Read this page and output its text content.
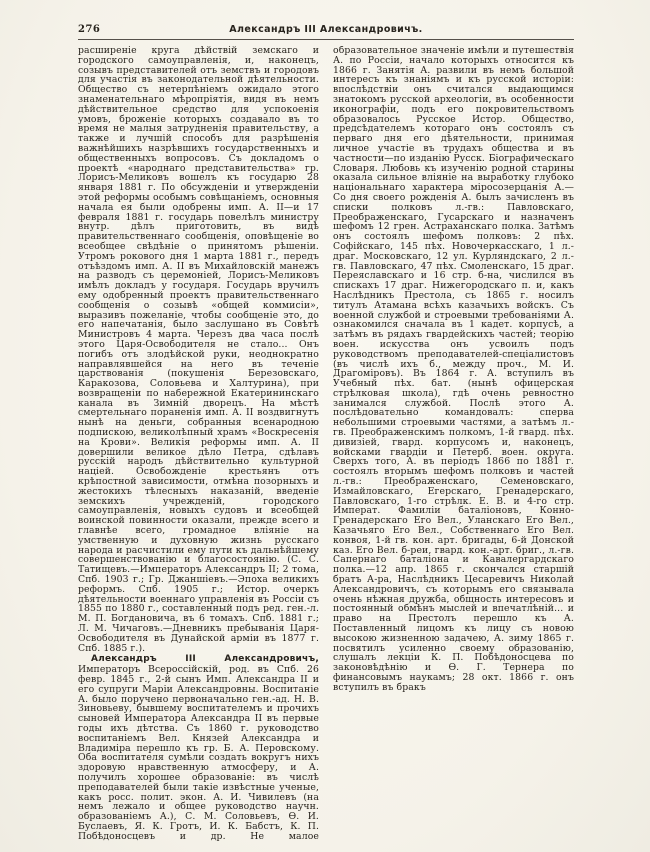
276	Александръ III Александровичъ.

расширеніе круга дѣйствій земскаго и городского самоуправленія, и, наконецъ, созывъ представителей отъ земствъ и городовъ для участія въ законодательной дѣятельности. Общество съ нетерпѣніемъ ожидало этого знаменательнаго мѣропріятія, видя въ немъ дѣйствительное средство для успокоенія умовъ, броженіе которыхъ создавало въ то время не малыя затрудненія правительству, а также и лучшій способъ для разрѣшенія важнѣйшихъ назрѣвшихъ государственныхъ и общественныхъ вопросовъ. Съ докладомъ о проектѣ «народнаго представительства» гр. Лорисъ-Меликовъ вошелъ къ государю 28 января 1881 г. По обсужденіи и утвержденіи этой реформы особымъ совѣщаніемъ, основныя начала ея были одобрены имп. А. II—и 17 февраля 1881 г. государь повелѣлъ министру внутр. дѣлъ приготовить, въ видѣ правительственнаго сообщенія, оповѣщеніе во всеобщее свѣдѣніе о принятомъ рѣшеніи. Утромъ рокового дня 1 марта 1881 г., передъ отъѣздомъ имп. А. II въ Михайловскій манежъ на разводъ съ церемоніей, Лорисъ-Меликовъ имѣлъ докладъ у государя. Государь вручилъ ему одобренный проектъ правительственнаго сообщенія о созывѣ «общей коммисіи», выразивъ пожеланіе, чтобы сообщеніе это, до его напечатанія, было заслушано въ Совѣтѣ Министровъ 4 марта. Черезъ два часа послѣ этого Царя-Освободителя не стало... Онъ погибъ отъ злодѣйской руки, неоднократно направлявшейся на него въ теченіе царствованія (покушенія Березовскаго, Каракозова, Соловьева и Халтурина), при возвращеніи по набережной Екатерининскаго канала въ Зимній дворецъ. На мѣстѣ смертельнаго пораненія имп. А. II воздвигнутъ нынѣ на деньги, собранныя всенародною подпискою, великолѣпный храмъ «Воскресенія на Крови». Великія реформы имп. А. II довершили великое дѣло Петра, сдѣлавъ русскій народъ дѣйствительно культурной націей. Освобожденіе крестьянъ отъ крѣпостной зависимости, отмѣна позорныхъ и жестокихъ тѣлесныхъ наказаній, введеніе земскихъ учрежденій, городского самоуправленія, новыхъ судовъ и всеобщей воинской повинности оказали, прежде всего и главнѣе всего, громадное вліяніе на умственную и духовную жизнь русскаго народа и расчистили ему пути къ дальнѣйшему совершенствованію и благосостоянію. (С. С. Татищевъ.—Императоръ Александръ II; 2 тома, Спб. 1903 г.; Гр. Джаншіевъ.—Эпоха великихъ реформъ. Спб. 1905 г.; Истор. очеркъ дѣятельности военнаго управленія въ Россіи съ 1855 по 1880 г., составленный подъ ред. ген.-л. М. П. Богдановича, въ 6 томахъ. Спб. 1881 г.; Л. М. Чичаговъ.—Дневникъ пребыванія Царя-Освободителя въ Дунайской арміи въ 1877 г. Спб. 1885 г.).

Александръ III Александровичъ, Императоръ Всероссійскій, род. въ Спб. 26 февр. 1845 г., 2-й сынъ Имп. Александра II и его супруги Маріи Александровны. Воспитаніе А. было поручено первоначально ген.-ад. Н. В. Зиновьеву, бывшему воспитателемъ и прочихъ сыновей Императора Александра II въ первые годы ихъ дѣтства. Съ 1860 г. руководство воспитаніемъ Вел. Князей Александра и Владиміра перешло къ гр. Б. А. Перовскому. Оба воспитателя сумѣли создать вокругъ нихъ здоровую нравственную атмосферу, и А. получилъ хорошее образованіе: въ числѣ преподавателей были такіе извѣстные ученые, какъ росс. полит. экон. А. И. Чивилевъ (на немъ лежало и общее руководство научн. образованіемъ А.), С. М. Соловьевъ, Ѳ. И. Буслаевъ, Я. К. Гротъ, И. К. Бабстъ, К. П. Побѣдоносцевъ и др. Не малое образовательное значеніе имѣли и путешествія А. по Россіи, начало которыхъ относится къ 1866 г. Занятія А. развили въ немъ большой интересъ къ знаніямъ и къ русской исторіи: впослѣдствіи онъ считался выдающимся знатокомъ русской археологіи, въ особенности иконографіи, подъ его покровительствомъ образовалось Русское Истор. Общество, предсѣдателемъ котораго онъ состоялъ съ перваго дня его дѣятельности, принимая личное участіе въ трудахъ общества и въ частности—по изданію Русск. Біографическаго Словаря. Любовь къ изученію родной старины оказала сильное вліяніе на выработку глубоко національнаго характера міросозерцанія А.—Со дня своего рожденія А. былъ зачисленъ въ списки полковъ л.-гв.: Павловскаго, Преображенскаго, Гусарскаго и назначенъ шефомъ 12 грен. Астраханскаго полка. Затѣмъ онъ состоялъ шефомъ полковъ: 2 пѣх. Софійскаго, 145 пѣх. Новочеркасскаго, 1 л.-драг. Московскаго, 12 ул. Курляндскаго, 2 л.-гв. Павловскаго, 47 пѣх. Смоленскаго, 15 драг. Переяславскаго и 16 стр. б-на, числился въ спискахъ 17 драг. Нижегородскаго п. и, какъ Наслѣдникъ Престола, съ 1865 г. носилъ титулъ Атамана всѣхъ казачьихъ войскъ. Съ военной службой и строевыми требованіями А. ознакомился сначала въ 1 кадет. корпусѣ, а затѣмъ въ рядахъ гвардейскихъ частей; теорію воен. искусства онъ усвоилъ подъ руководствомъ преподавателей-спеціалистовъ (въ числѣ ихъ б., между проч., М. И. Драгоміровъ). Въ 1864 г. А. вступилъ въ Учебный пѣх. бат. (нынѣ офицерская стрѣлковая школа), гдѣ очень ревностно занимался службой. Послѣ этого А. послѣдовательно командовалъ: сперва небольшими строевыми частями, а затѣмъ л.-гв. Преображенскимъ полкомъ, 1-й гвард. пѣх. дивизіей, гвард. корпусомъ и, наконецъ, войсками гвардіи и Петерб. воен. округа. Сверхъ того, А. въ періодъ 1866 по 1881 г. состоялъ вторымъ шефомъ полковъ и частей л.-гв.: Преображенскаго, Семеновскаго, Измайловскаго, Егерскаго, Гренадерскаго, Павловскаго, 1-го стрѣлк. Е. В. и 4-го стр. Императ. Фамиліи баталіоновъ, Конно-Гренадерскаго Его Вел., Уланскаго Его Вел., Казачьяго Его Вел., Собственнаго Его Вел. конвоя, 1-й гв. кон. арт. бригады, 6-й Донской каз. Его Вел. б-реи, гвард. кон.-арт. бриг., л.-гв. Сапернаго баталіона и Кавалергардскаго полка.—12 апр. 1865 г. скончался старшій братъ А-ра, Наслѣдникъ Цесаревичъ Николай Александровичъ, съ которымъ его связывала очень нѣжная дружба, общность интересовъ и постоянный обмѣнъ мыслей и впечатлѣній... и право на Престолъ перешло къ А. Поставленный лицомъ къ лицу съ новою высокою жизненною задачею, А. зиму 1865 г. посвятилъ усиленно своему образованію, слушалъ лекціи К. П. Побѣдоносцева по законовѣдѣнію и Ѳ. Г. Тернера по финансовымъ наукамъ; 28 окт. 1866 г. онъ вступилъ въ бракъ
